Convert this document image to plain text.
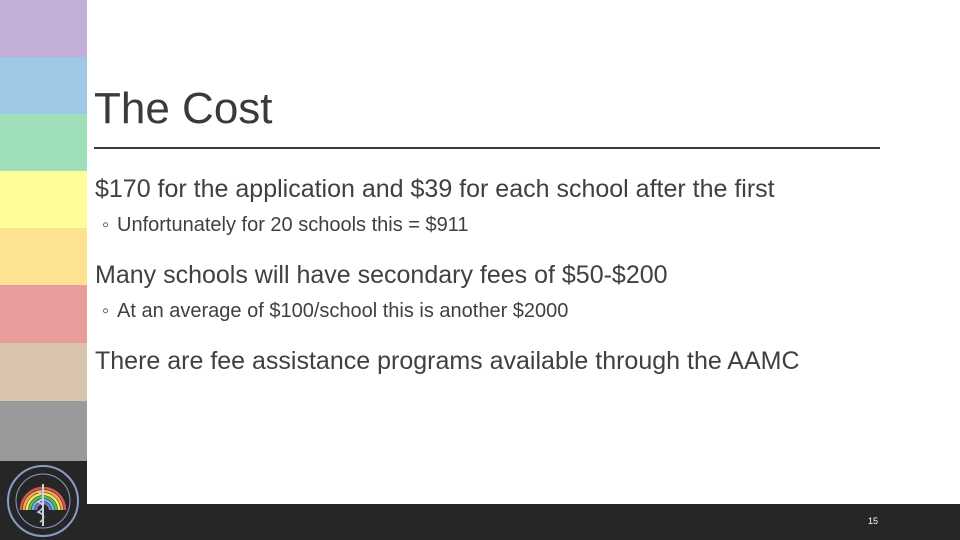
The Cost

$170 for the application and $39 for each school after the first

◦ Unfortunately for 20 schools this = $911

Many schools will have secondary fees of $50-$200

◦ At an average of $100/school this is another $2000

There are fee assistance programs available through the AAMC

15
